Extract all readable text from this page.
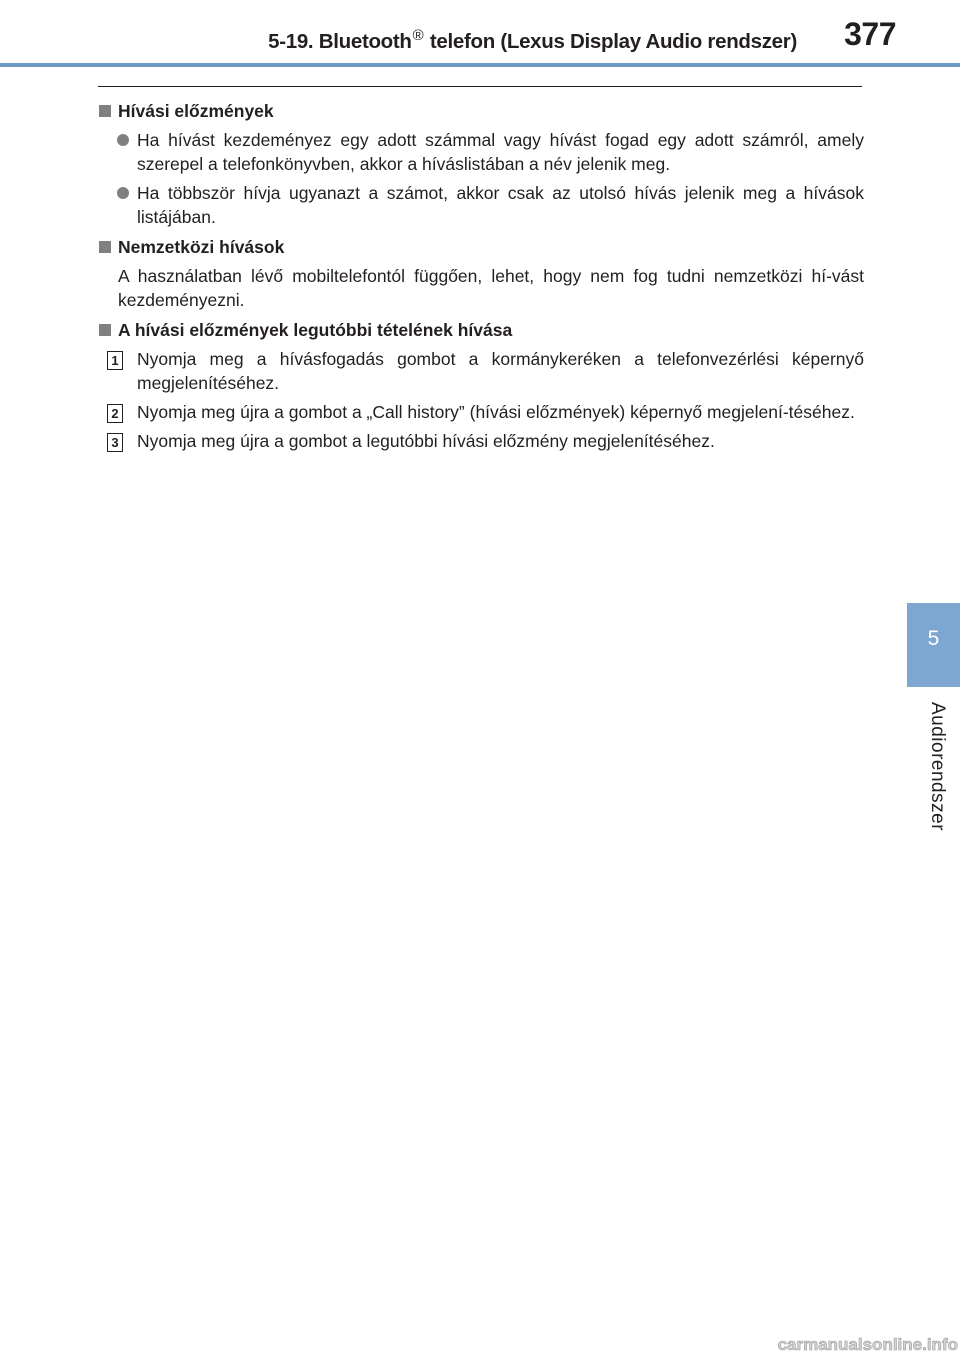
5-19. Bluetooth® telefon (Lexus Display Audio rendszer)	377
5
Audiorendszer
Hívási előzmények
Ha hívást kezdeményez egy adott számmal vagy hívást fogad egy adott számról, amely szerepel a telefonkönyvben, akkor a híváslistában a név jelenik meg.
Ha többször hívja ugyanazt a számot, akkor csak az utolsó hívás jelenik meg a hívások listájában.
Nemzetközi hívások
A használatban lévő mobiltelefontól függően, lehet, hogy nem fog tudni nemzetközi hí-vást kezdeményezni.
A hívási előzmények legutóbbi tételének hívása
1 Nyomja meg a hívásfogadás gombot a kormánykeréken a telefonvezérlési képernyő megjelenítéséhez.
2 Nyomja meg újra a gombot a „Call history” (hívási előzmények) képernyő megjelení-téséhez.
3 Nyomja meg újra a gombot a legutóbbi hívási előzmény megjelenítéséhez.
carmanualsonline.info
